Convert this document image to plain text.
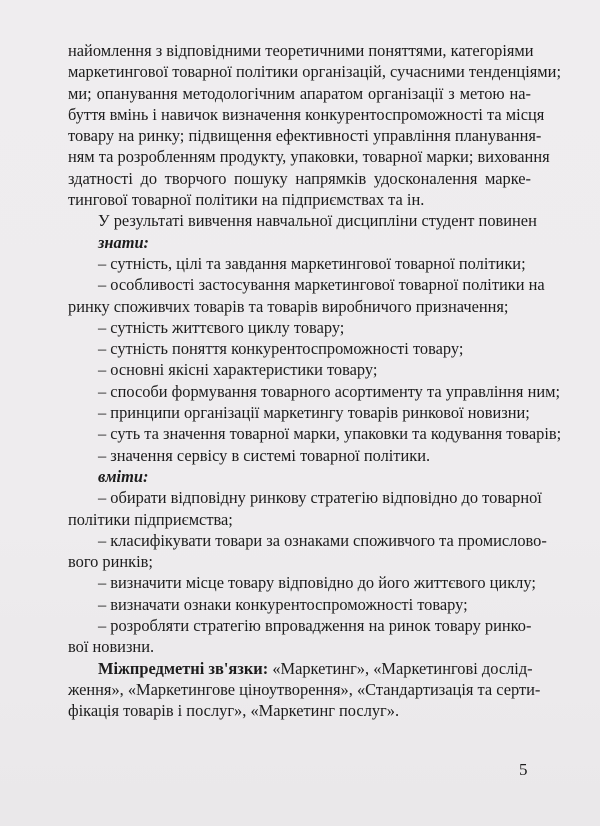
найомлення з відповідними теоретичними поняттями, категоріями
маркетингової товарної політики організацій, сучасними тенденціями;
ми; опанування методологічним апаратом організації з метою на-
буття вмінь і навичок визначення конкурентоспроможності та місця
товару на ринку; підвищення ефективності управління планування-
ням та розробленням продукту, упаковки, товарної марки; виховання
здатності до творчого пошуку напрямків удосконалення марке-
тингової товарної політики на підприємствах та ін.
У результаті вивчення навчальної дисципліни студент повинен
знати:
– сутність, цілі та завдання маркетингової товарної політики;
– особливості застосування маркетингової товарної політики на
ринку споживчих товарів та товарів виробничого призначення;
– сутність життєвого циклу товару;
– сутність поняття конкурентоспроможності товару;
– основні якісні характеристики товару;
– способи формування товарного асортименту та управління ним;
– принципи організації маркетингу товарів ринкової новизни;
– суть та значення товарної марки, упаковки та кодування товарів;
– значення сервісу в системі товарної політики.
вміти:
– обирати відповідну ринкову стратегію відповідно до товарної
політики підприємства;
– класифікувати товари за ознаками споживчого та промислово-
вого ринків;
– визначити місце товару відповідно до його життєвого циклу;
– визначати ознаки конкурентоспроможності товару;
– розробляти стратегію впровадження на ринок товару ринко-
вої новизни.
Міжпредметні зв'язки: «Маркетинг», «Маркетингові дослід-
ження», «Маркетингове ціноутворення», «Стандартизація та серти-
фікація товарів і послуг», «Маркетинг послуг».
5
